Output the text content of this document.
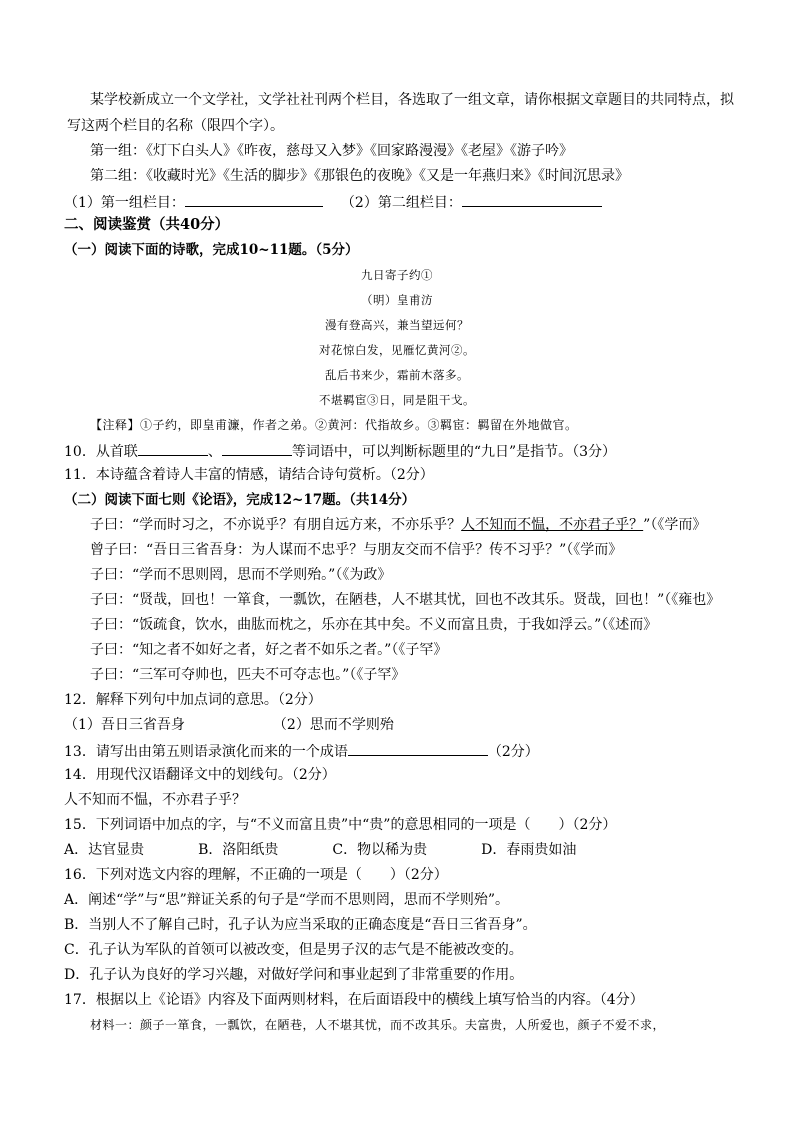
某学校新成立一个文学社，文学社社刊两个栏目，各选取了一组文章，请你根据文章题目的共同特点，拟
写这两个栏目的名称（限四个字）。
第一组：《灯下白头人》《昨夜，慈母又入梦》《回家路漫漫》《老屋》《游子吟》
第二组：《收藏时光》《生活的脚步》《那银色的夜晚》《又是一年燕归来》《时间沉思录》
（1）第一组栏目：	（2）第二组栏目：
二、阅读鉴赏（共40分）
（一）阅读下面的诗歌，完成10~11题。（5分）
九日寄子约①
（明）皇甫汸
漫有登高兴，兼当望远何？
对花惊白发，见雁忆黄河②。
乱后书来少，霜前木落多。
不堪羁宦③日，同是阻干戈。
【注释】①子约，即皇甫濂，作者之弟。②黄河：代指故乡。③羁宦：羁留在外地做官。
10．从首联	、	等词语中，可以判断标题里的“九日”是指节。（3分）
11．本诗蕴含着诗人丰富的情感，请结合诗句赏析。（2分）
（二）阅读下面七则《论语》，完成12~17题。（共14分）
子曰：“学而时习之，不亦说乎？有朋自远方来，不亦乐乎？人不知而不愠，不亦君子乎？”（《学而》
曾子曰：“吾日三省吾身：为人谋而不忠乎？与朋友交而不信乎？传不习乎？”（《学而》
子曰：“学而不思则罔，思而不学则殆。”（《为政》
子曰：“贤哉，回也！一箪食，一瓢饮，在陋巷，人不堪其忧，回也不改其乐。贤哉，回也！”（《雍也》
子曰：“饭疏食，饮水，曲肱而枕之，乐亦在其中矣。不义而富且贵，于我如浮云。”（《述而》
子曰：“知之者不如好之者，好之者不如乐之者。”（《子罕》
子曰：“三军可夺帅也，匹夫不可夺志也。”（《子罕》
12．解释下列句中加点词的意思。（2分）
（1）吾日三省吾身	（2）思而不学则殆
13．请写出由第五则语录演化而来的一个成语	（2分）
14．用现代汉语翻译文中的划线句。（2分）
人不知而不愠，不亦君子乎？
15．下列词语中加点的字，与“不义而富且贵”中“贵”的意思相同的一项是（　　）（2分）
A．达官显贵	B．洛阳纸贵	C．物以稀为贵	D．春雨贵如油
16．下列对选文内容的理解，不正确的一项是（　　）（2分）
A．阐述“学”与“思”辩证关系的句子是“学而不思则罔，思而不学则殆”。
B．当别人不了解自己时，孔子认为应当采取的正确态度是“吾日三省吾身”。
C．孔子认为军队的首领可以被改变，但是男子汉的志气是不能被改变的。
D．孔子认为良好的学习兴趣，对做好学问和事业起到了非常重要的作用。
17．根据以上《论语》内容及下面两则材料，在后面语段中的横线上填写恰当的内容。（4分）
材料一：颜子一箪食，一瓢饮，在陋巷，人不堪其忧，而不改其乐。夫富贵，人所爱也，颜子不爱不求，
